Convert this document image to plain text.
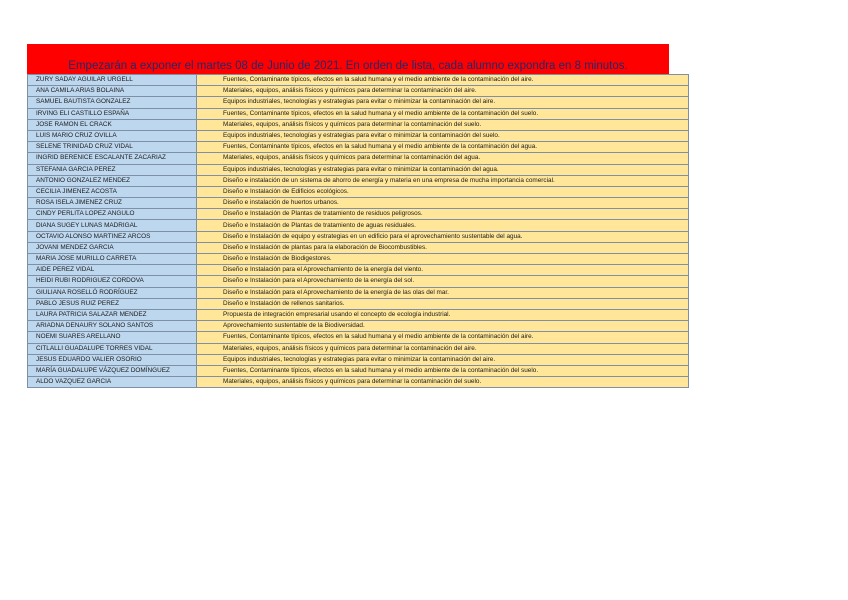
Empezarán a exponer el martes 08 de Junio de 2021. En orden de lista, cada alumno expondra en 8 minutos.
ZURY SADAY AGUILAR URGELL	Fuentes, Contaminante típicos, efectos en la salud humana y el medio ambiente de la contaminación del aire.
ANA CAMILA ARIAS BOLAINA	Materiales, equipos, análisis físicos y químicos para determinar la contaminación del aire.
SAMUEL BAUTISTA GONZALEZ	Equipos industriales, tecnologías y estrategias para evitar o minimizar la contaminación del aire.
IRVING ELI CASTILLO ESPAÑA	Fuentes, Contaminante típicos, efectos en la salud humana y el medio ambiente de la contaminación del suelo.
JOSE RAMON EL CRACK	Materiales, equipos, análisis físicos y químicos para determinar la contaminación del suelo.
LUIS MARIO CRUZ OVILLA	Equipos industriales, tecnologías y estrategias para evitar o minimizar la contaminación del suelo.
SELENE TRINIDAD CRUZ VIDAL	Fuentes, Contaminante típicos, efectos en la salud humana y el medio ambiente de la contaminación del agua.
INGRID BERENICE ESCALANTE ZACARIAZ	Materiales, equipos, análisis físicos y químicos para determinar la contaminación del agua.
STEFANIA GARCIA PEREZ	Equipos industriales, tecnologías y estrategias para evitar o minimizar la contaminación del agua.
ANTONIO GONZALEZ MENDEZ	Diseño e instalación de un sistema de ahorro de energía y materia en una empresa de mucha importancia comercial.
CECILIA JIMENEZ ACOSTA	Diseño e Instalación de Edificios ecológicos.
ROSA ISELA JIMENEZ CRUZ	Diseño e instalación de huertos urbanos.
CINDY PERLITA LOPEZ ANGULO	Diseño e Instalación de Plantas de tratamiento de residuos peligrosos.
DIANA SUGEY LUNAS MADRIGAL	Diseño e Instalación de Plantas de tratamiento de aguas residuales.
OCTAVIO ALONSO MARTINEZ ARCOS	Diseño e Instalación de equipo y estrategias en un edificio para el aprovechamiento sustentable del agua.
JOVANI MENDEZ GARCIA	Diseño e Instalación de plantas para la elaboración de Biocombustibles.
MARIA JOSE MURILLO CARRETA	Diseño e Instalación de Biodigestores.
AIDE PEREZ VIDAL	Diseño e Instalación para el Aprovechamiento de la energía del viento.
HEIDI RUBI RODRIGUEZ CORDOVA	Diseño e Instalación para el Aprovechamiento de la energía del sol.
GIULIANA ROSELLÓ RODRÍGUEZ	Diseño e Instalación para el Aprovechamiento de la energía de las olas del mar.
PABLO JESUS RUIZ PEREZ	Diseño e Instalación de rellenos sanitarios.
LAURA PATRICIA SALAZAR MENDEZ	Propuesta de integración empresarial usando el concepto de ecología industrial.
ARIADNA DENAURY SOLANO SANTOS	Aprovechamiento sustentable de la Biodiversidad.
NOEMI SUARES ARELLANO	Fuentes, Contaminante típicos, efectos en la salud humana y el medio ambiente de la contaminación del aire.
CITLALLI GUADALUPE TORRES VIDAL	Materiales, equipos, análisis físicos y químicos para determinar la contaminación del aire.
JESUS EDUARDO VALIER OSORIO	Equipos industriales, tecnologías y estrategias para evitar o minimizar la contaminación del aire.
MARÍA GUADALUPE VÁZQUEZ DOMÍNGUEZ	Fuentes, Contaminante típicos, efectos en la salud humana y el medio ambiente de la contaminación del suelo.
ALDO VAZQUEZ GARCIA	Materiales, equipos, análisis físicos y químicos para determinar la contaminación del suelo.
